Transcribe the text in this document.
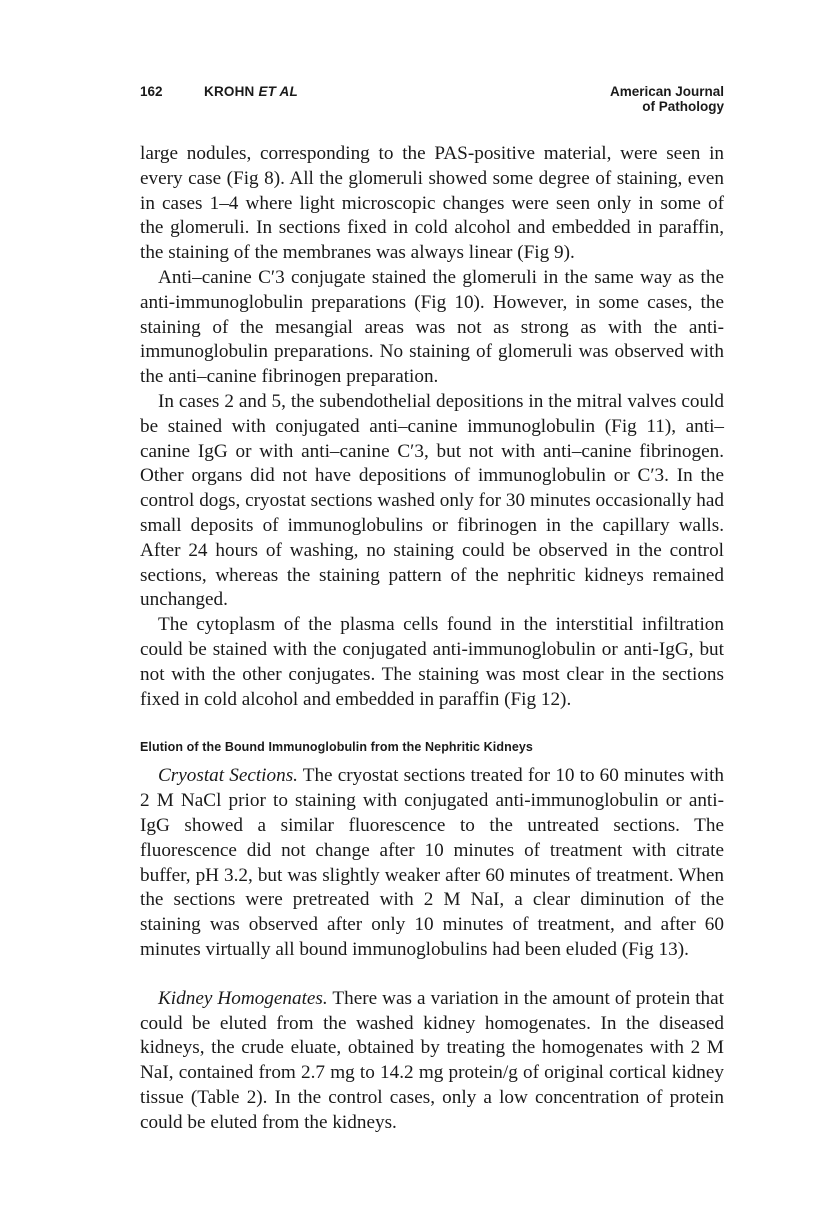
162	KROHN ET AL	American Journal
of Pathology

large nodules, corresponding to the PAS-positive material, were seen in every case (Fig 8). All the glomeruli showed some degree of staining, even in cases 1–4 where light microscopic changes were seen only in some of the glomeruli. In sections fixed in cold alcohol and embedded in paraffin, the staining of the membranes was always linear (Fig 9).

Anti–canine C′3 conjugate stained the glomeruli in the same way as the anti-immunoglobulin preparations (Fig 10). However, in some cases, the staining of the mesangial areas was not as strong as with the anti-immunoglobulin preparations. No staining of glomeruli was observed with the anti–canine fibrinogen preparation.

In cases 2 and 5, the subendothelial depositions in the mitral valves could be stained with conjugated anti–canine immunoglobulin (Fig 11), anti–canine IgG or with anti–canine C′3, but not with anti–canine fibrinogen. Other organs did not have depositions of immunoglobulin or C′3. In the control dogs, cryostat sections washed only for 30 minutes occasionally had small deposits of immunoglobulins or fibrinogen in the capillary walls. After 24 hours of washing, no staining could be observed in the control sections, whereas the staining pattern of the nephritic kidneys remained unchanged.

The cytoplasm of the plasma cells found in the interstitial infiltration could be stained with the conjugated anti-immunoglobulin or anti-IgG, but not with the other conjugates. The staining was most clear in the sections fixed in cold alcohol and embedded in paraffin (Fig 12).

Elution of the Bound Immunoglobulin from the Nephritic Kidneys

Cryostat Sections. The cryostat sections treated for 10 to 60 minutes with 2 M NaCl prior to staining with conjugated anti-immunoglobulin or anti-IgG showed a similar fluorescence to the untreated sections. The fluorescence did not change after 10 minutes of treatment with citrate buffer, pH 3.2, but was slightly weaker after 60 minutes of treatment. When the sections were pretreated with 2 M NaI, a clear diminution of the staining was observed after only 10 minutes of treatment, and after 60 minutes virtually all bound immunoglobulins had been eluded (Fig 13).

Kidney Homogenates. There was a variation in the amount of protein that could be eluted from the washed kidney homogenates. In the diseased kidneys, the crude eluate, obtained by treating the homogenates with 2 M NaI, contained from 2.7 mg to 14.2 mg protein/g of original cortical kidney tissue (Table 2). In the control cases, only a low concentration of protein could be eluted from the kidneys.
